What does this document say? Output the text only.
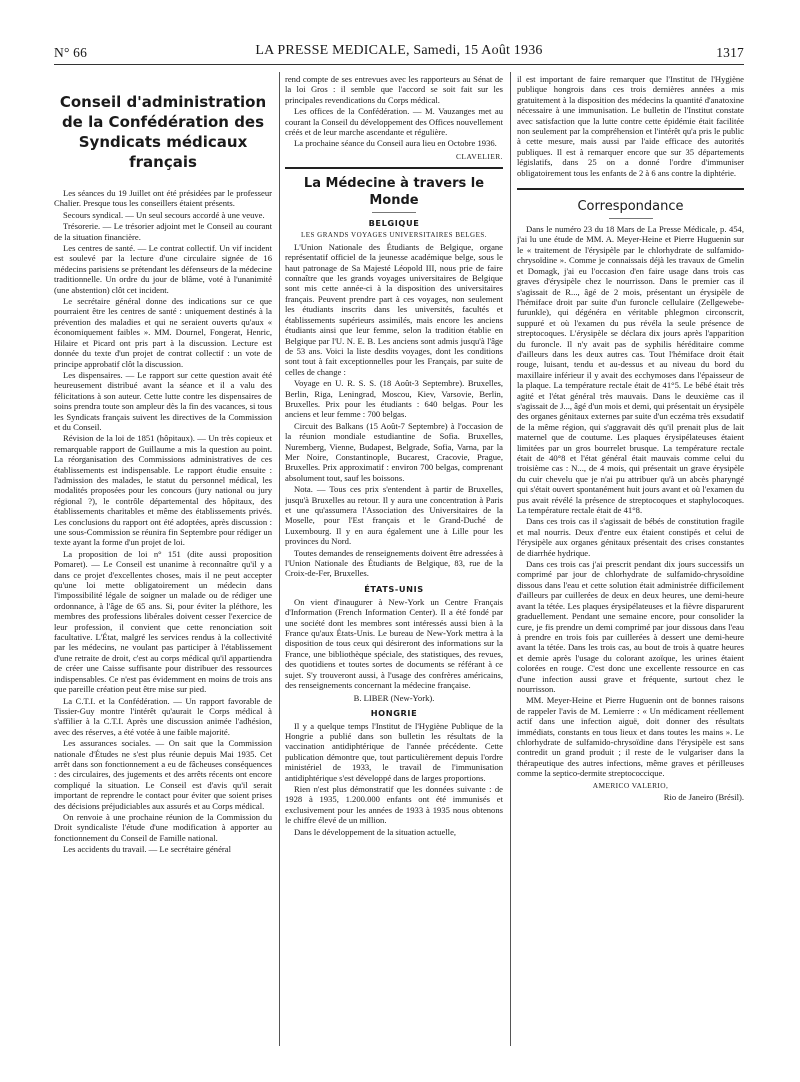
N° 66	LA PRESSE MEDICALE, Samedi, 15 Août 1936	1317
Conseil d'administration de la Confédération des Syndicats médicaux français

Les séances du 19 Juillet ont été présidées par le professeur Chalier. Presque tous les conseillers étaient présents.

Secours syndical. — Un seul secours accordé à une veuve.

Trésorerie. — Le trésorier adjoint met le Conseil au courant de la situation financière.

Les centres de santé. — Le contrat collectif. Un vif incident est soulevé par la lecture d'une circulaire signée de 16 médecins parisiens se prétendant les défenseurs de la médecine traditionnelle. Un ordre du jour de blâme, voté à l'unanimité (une abstention) clôt cet incident.

Le secrétaire général donne des indications sur ce que pourraient être les centres de santé : uniquement destinés à la prévention des maladies et qui ne seraient ouverts qu'aux « économiquement faibles ». MM. Dournel, Fongerat, Henric, Hilaire et Picard ont pris part à la discussion. Lecture est donnée du texte d'un projet de contrat collectif : un vote de principe approbatif clôt la discussion.

Les dispensaires. — Le rapport sur cette question avait été heureusement distribué avant la séance et il a valu des félicitations à son auteur. Cette lutte contre les dispensaires de soins prendra toute son ampleur dès la fin des vacances, si tous les Syndicats français suivent les directives de la Commission et du Conseil.

Révision de la loi de 1851 (hôpitaux). — Un très copieux et remarquable rapport de Guillaume a mis la question au point. La réorganisation des Commissions administratives de ces établissements est indispensable. Le rapport étudie ensuite : l'admission des malades, le statut du personnel médical, les modalités proposées pour les concours (jury national ou jury régional ?), le contrôle départemental des hôpitaux, des établissements charitables et même des établissements privés. Les conclusions du rapport ont été adoptées, après discussion : une sous-Commission se réunira fin Septembre pour rédiger un texte ayant la forme d'un projet de loi.

La proposition de loi n° 151 (dite aussi proposition Pomaret). — Le Conseil est unanime à reconnaître qu'il y a dans ce projet d'excellentes choses, mais il ne peut accepter qu'une loi mette obligatoirement un médecin dans l'impossibilité légale de soigner un malade ou de rédiger une ordonnance, à l'âge de 65 ans. Si, pour éviter la pléthore, les membres des professions libérales doivent cesser l'exercice de leur profession, il convient que cette renonciation soit facultative. L'État, malgré les services rendus à la collectivité par les médecins, ne voulant pas participer à l'établissement d'une retraite de droit, c'est au corps médical qu'il appartiendra de créer une Caisse suffisante pour distribuer des ressources indispensables. Ce n'est pas évidemment en moins de trois ans que pareille création peut être mise sur pied.

La C.T.I. et la Confédération. — Un rapport favorable de Tissier-Guy montre l'intérêt qu'aurait le Corps médical à s'affilier à la C.T.I. Après une discussion animée l'adhésion, avec des réserves, a été votée à une faible majorité.

Les assurances sociales. — On sait que la Commission nationale d'Études ne s'est plus réunie depuis Mai 1935. Cet arrêt dans son fonctionnement a eu de fâcheuses conséquences : des circulaires, des jugements et des arrêts récents ont encore compliqué la situation. Le Conseil est d'avis qu'il serait important de reprendre le contact pour éviter que soient prises des décisions préjudiciables aux assurés et au Corps médical.

On renvoie à une prochaine réunion de la Commission du Droit syndicaliste l'étude d'une modification à apporter au fonctionnement du Conseil de Famille national.

Les accidents du travail. — Le secrétaire général

rend compte de ses entrevues avec les rapporteurs au Sénat de la loi Gros : il semble que l'accord se soit fait sur les principales revendications du Corps médical.

Les offices de la Confédération. — M. Vauzanges met au courant la Conseil du développement des Offices nouvellement créés et de leur marche ascendante et régulière.

La prochaine séance du Conseil aura lieu en Octobre 1936.

CLAVELIER.
La Médecine à travers le Monde
BELGIQUE
LES GRANDS VOYAGES UNIVERSITAIRES BELGES.

L'Union Nationale des Étudiants de Belgique, organe représentatif officiel de la jeunesse académique belge, sous le haut patronage de Sa Majesté Léopold III, nous prie de faire connaître que les grands voyages universitaires de Belgique sont mis cette année-ci à la disposition des universitaires français. Peuvent prendre part à ces voyages, non seulement les étudiants inscrits dans les universités, facultés et établissements supérieurs assimilés, mais encore les anciens étudiants ainsi que leur femme, selon la tradition établie en Belgique par l'U. N. E. B. Les anciens sont admis jusqu'à l'âge de 53 ans. Voici la liste desdits voyages, dont les conditions sont tout à fait exceptionnelles pour les Français, par suite de celles de change :

Voyage en U. R. S. S. (18 Août-3 Septembre). Bruxelles, Berlin, Riga, Leningrad, Moscou, Kiev, Varsovie, Berlin, Bruxelles. Prix pour les étudiants : 640 belgas. Pour les anciens et leur femme : 700 belgas.

Circuit des Balkans (15 Août-7 Septembre) à l'occasion de la réunion mondiale estudiantine de Sofia. Bruxelles, Nuremberg, Vienne, Budapest, Belgrade, Sofia, Varna, par la Mer Noire, Constantinople, Bucarest, Cracovie, Prague, Bruxelles. Prix approximatif : environ 700 belgas, comprenant absolument tout, sauf les boissons.

Nota. — Tous ces prix s'entendent à partir de Bruxelles, jusqu'à Bruxelles au retour. Il y aura une concentration à Paris et une qu'assumera l'Association des Universitaires de la Moselle, pour l'Est français et le Grand-Duché de Luxembourg. Il y en aura également une à Lille pour les provinces du Nord.

Toutes demandes de renseignements doivent être adressées à l'Union Nationale des Étudiants de Belgique, 83, rue de la Croix-de-Fer, Bruxelles.

ÉTATS-UNIS

On vient d'inaugurer à New-York un Centre Français d'Information (French Information Center). Il a été fondé par une société dont les membres sont intéressés aussi bien à la France qu'aux États-Unis. Le bureau de New-York mettra à la disposition de tous ceux qui désireront des informations sur la France, une bibliothèque spéciale, des statistiques, des revues, des quotidiens et toutes sortes de documents se référant à ce sujet. S'y trouveront aussi, à l'usage des confrères américains, des renseignements concernant la médecine française.

B. LIBER (New-York).
HONGRIE

Il y a quelque temps l'Institut de l'Hygiène Publique de la Hongrie a publié dans son bulletin les résultats de la vaccination antidiphtérique de l'année précédente. Cette publication démontre que, tout particulièrement depuis l'ordre ministériel de 1933, le travail de l'immunisation antidiphtérique s'est développé dans de larges proportions.

Rien n'est plus démonstratif que les données suivante : de 1928 à 1935, 1.200.000 enfants ont été immunisés et exclusivement pour les années de 1933 à 1935 nous obtenons le chiffre élevé de un million.

Dans le développement de la situation actuelle,

il est important de faire remarquer que l'Institut de l'Hygiène publique hongrois dans ces trois dernières années a mis gratuitement à la disposition des médecins la quantité d'anatoxine nécessaire à une immunisation. Le bulletin de l'Institut constate avec satisfaction que la lutte contre cette épidémie était facilitée non seulement par la compréhension et l'intérêt qu'a pris le public à cette mesure, mais aussi par l'aide efficace des autorités publiques. Il est à remarquer encore que sur 35 départements législatifs, dans 25 on a donné l'ordre d'immuniser obligatoirement tous les enfants de 2 à 6 ans contre la diphtérie.

Correspondance

Dans le numéro 23 du 18 Mars de La Presse Médicale, p. 454, j'ai lu une étude de MM. A. Meyer-Heine et Pierre Huguenin sur le « traitement de l'érysipèle par le chlorhydrate de sulfamido-chrysoïdine ». Comme je connaissais déjà les travaux de Gmelin et Domagk, j'ai eu l'occasion d'en faire usage dans trois cas graves d'érysipèle chez le nourrisson. Dans le premier cas il s'agissait de R..., âgé de 2 mois, présentant un érysipèle de l'hémiface droit par suite d'un furoncle cellulaire (Zellgewebe-furunkle), qui dégénéra en véritable phlegmon circonscrit, suppuré et où l'examen du pus révéla la seule présence de streptocoques. L'érysipèle se déclara dix jours après l'apparition du furoncle. Il n'y avait pas de syphilis héréditaire comme d'ailleurs dans les deux autres cas. Tout l'hémiface droit était rouge, luisant, tendu et au-dessus et au niveau du bord du maxillaire inférieur il y avait des ecchymoses dans l'épaisseur de la plaque. La température rectale était de 41°5. Le bébé était très agité et l'état général très mauvais. Dans le deuxième cas il s'agissait de J..., âgé d'un mois et demi, qui présentait un érysipèle des organes génitaux externes par suite d'un eczéma très exsudatif de la même région, qui s'aggravait dès qu'il prenait plus de lait maternel que de coutume. Les plaques érysipélateuses étaient limitées par un gros bourrelet brusque. La température rectale était de 40°8 et l'état général était mauvais comme celui du troisième cas : N..., de 4 mois, qui présentait un grave érysipèle du cuir chevelu que je n'ai pu attribuer qu'à un abcès pharyngé qui s'était ouvert spontanément huit jours avant et où l'examen du pus avait révélé la présence de streptocoques et staphylocoques. La température rectale était de 41°8.

Dans ces trois cas il s'agissait de bébés de constitution fragile et mal nourris. Deux d'entre eux étaient constipés et celui de l'érysipèle aux organes génitaux présentait des crises constantes de diarrhée hydrique.

Dans ces trois cas j'ai prescrit pendant dix jours successifs un comprimé par jour de chlorhydrate de sulfamido-chrysoïdine dissous dans l'eau et cette solution était administrée difficilement d'ailleurs par cuillerées de deux en deux heures, une demi-heure avant la tétée. Les plaques érysipélateuses et la fièvre disparurent graduellement. Pendant une semaine encore, pour consolider la cure, je fis prendre un demi comprimé par jour dissous dans l'eau à prendre en trois fois par cuillerées à dessert une demi-heure avant la tétée. Dans les trois cas, au bout de trois à quatre heures et demie après l'usage du colorant azoïque, les urines étaient colorées en rouge. C'est donc une excellente ressource en cas d'une infection aussi grave et fréquente, surtout chez le nourrisson.

MM. Meyer-Heine et Pierre Huguenin ont de bonnes raisons de rappeler l'avis de M. Lemierre : « Un médicament réellement actif dans une infection aiguë, doit donner des résultats immédiats, constants en tous lieux et dans toutes les mains ». Le chlorhydrate de sulfamido-chrysoïdine dans l'érysipèle est sans contredit un grand produit ; il reste de le vulgariser dans la thérapeutique des autres infections, même graves et périlleuses comme la septico-dermite streptococcique.

AMERICO VALERIO,
Rio de Janeiro (Brésil).
